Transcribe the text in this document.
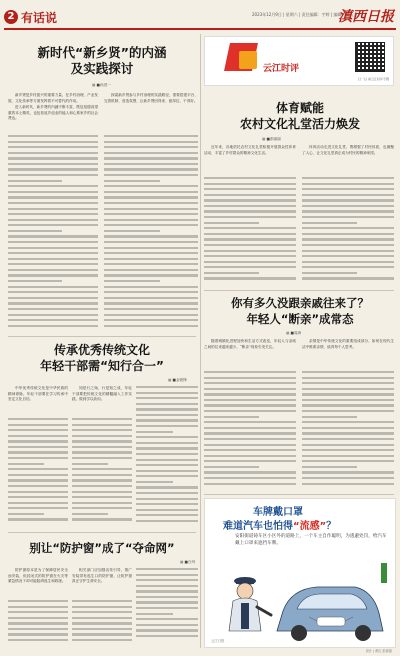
2 有话说	2023年12月9日 | 星期六 | 责任编辑：宇婷 | 编辑：黄天龙
滇西日报
新时代“新乡贤”的内涵
及实践探讨
■ ■孙进一

新乡贤是乡村振兴的重要力量，在乡村治理、产业发展、文化传承等方面发挥着不可替代的作用。

进入新时代，新乡贤的内涵不断丰富，既包括德高望重的本土精英，也包括返乡创业的能人和心系家乡的社会贤达。

探索新乡贤参与乡村治理的实践路径，需要搭建平台、完善机制、营造氛围，让新乡贤回得来、留得住、干得好。

云江时评
扫一扫 看云江时评专题
体育赋能
农村文化礼堂活力焕发
■ ■彭丽丽

近年来，各地依托农村文化礼堂积极开展群众性体育活动，丰富了乡村群众的精神文化生活。

体育活动走进文化礼堂，既增强了村民体质，也凝聚了人心，让文化礼堂真正成为村民的精神家园。

你有多久没跟亲戚往来了？
年轻人“断亲”成常态
■ ■周涛

随着城镇化进程加快和生活方式改变，年轻人与亲戚之间的往来越来越少，“断亲”现象引发关注。

亲情是中华传统文化的重要组成部分，如何在现代生活中维系亲情，值得每个人思考。

传承优秀传统文化
年轻干部需“知行合一”
■ ■金锐锋

中华优秀传统文化是中华民族的精神命脉，年轻干部要在学习传承中坚定文化自信。

知是行之始，行是知之成，年轻干部要把传统文化的精髓融入工作实践，做到学以致用。

别让“防护窗”成了“夺命网”
■ ■白玛

防护窗原本是为了保障居民安全而安装，但封闭式的防护窗在火灾等紧急情况下却可能阻碍逃生和救援。

相关部门应加强宣传引导，推广安装带有逃生口的防护窗，让防护窗真正守护生命安全。

车牌戴口罩
难道汽车也怕得“流感”？
安阳街道铸车区小区外的道路上，一个车主自作聪明，为逃避处罚，给汽车戴上口罩来遮挡车牌。
云江日报
设计 | 黄红 彭丽丽
